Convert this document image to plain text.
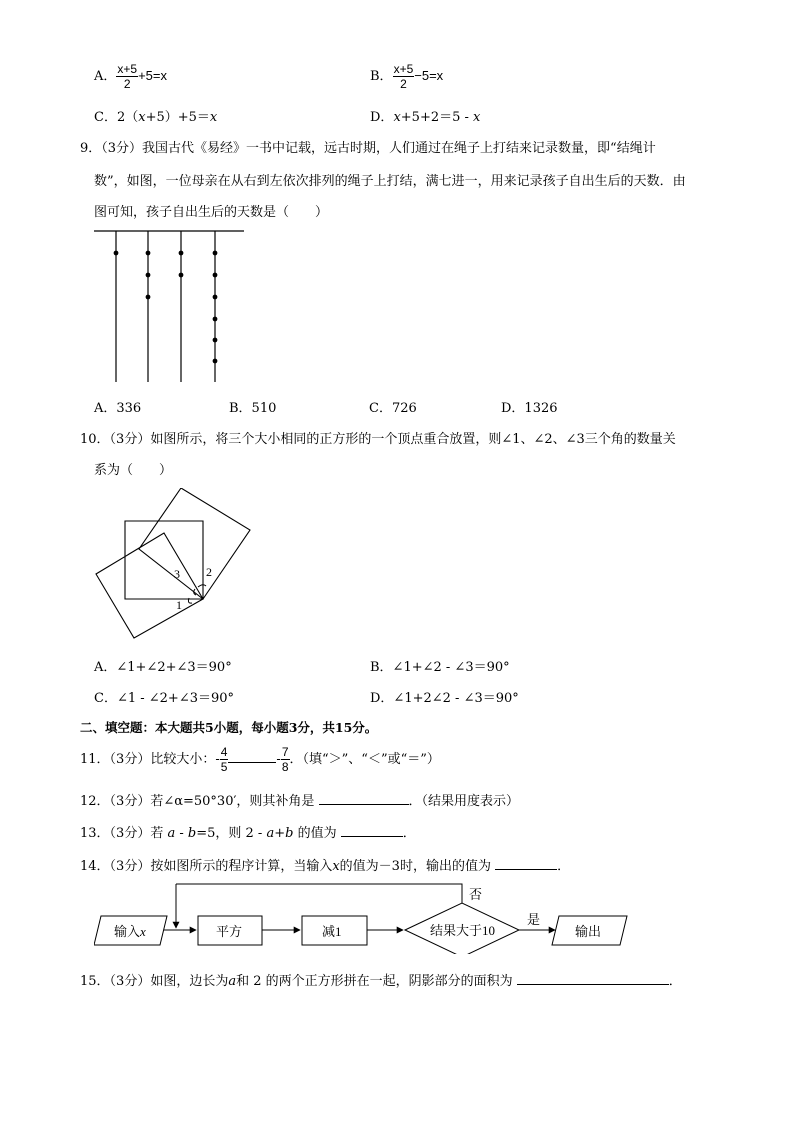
A． $\frac{x+5}{2} +5=x$	B． $\frac{x+5}{2} -5=x$
C．2（x+5）+5＝x	D．x+5+2＝5 - x
9．（3分）我国古代《易经》一书中记载，远古时期，人们通过在绳子上打结来记录数量，即“结绳计
数”，如图，一位母亲在从右到左依次排列的绳子上打结，满七进一，用来记录孩子自出生后的天数．由
图可知，孩子自出生后的天数是（　　）
A．336	B．510	C．726	D．1326
10．（3分）如图所示，将三个大小相同的正方形的一个顶点重合放置，则∠1、∠2、∠3三个角的数量关
系为（　　）
3 2
1
A．∠1+∠2+∠3＝90°	B．∠1+∠2 - ∠3＝90°
C．∠1 - ∠2+∠3＝90°	D．∠1+2∠2 - ∠3＝90°
二、填空题：本大题共5小题，每小题3分，共15分。
11．（3分）比较大小：- $\frac{4}{5}$	- $\frac{7}{8}$ ．（填“＞”、“＜”或“＝”）
12．（3分）若∠α=50°30′，则其补角是	．（结果用度表示）
13．（3分）若 a - b=5，则 2 - a+b 的值为	．
14．（3分）按如图所示的程序计算，当输入x的值为－3时，输出的值为	．
输入x	平方	减1	结果大于10	输出
是
否
15．（3分）如图，边长为a和 2 的两个正方形拼在一起，阴影部分的面积为	．
